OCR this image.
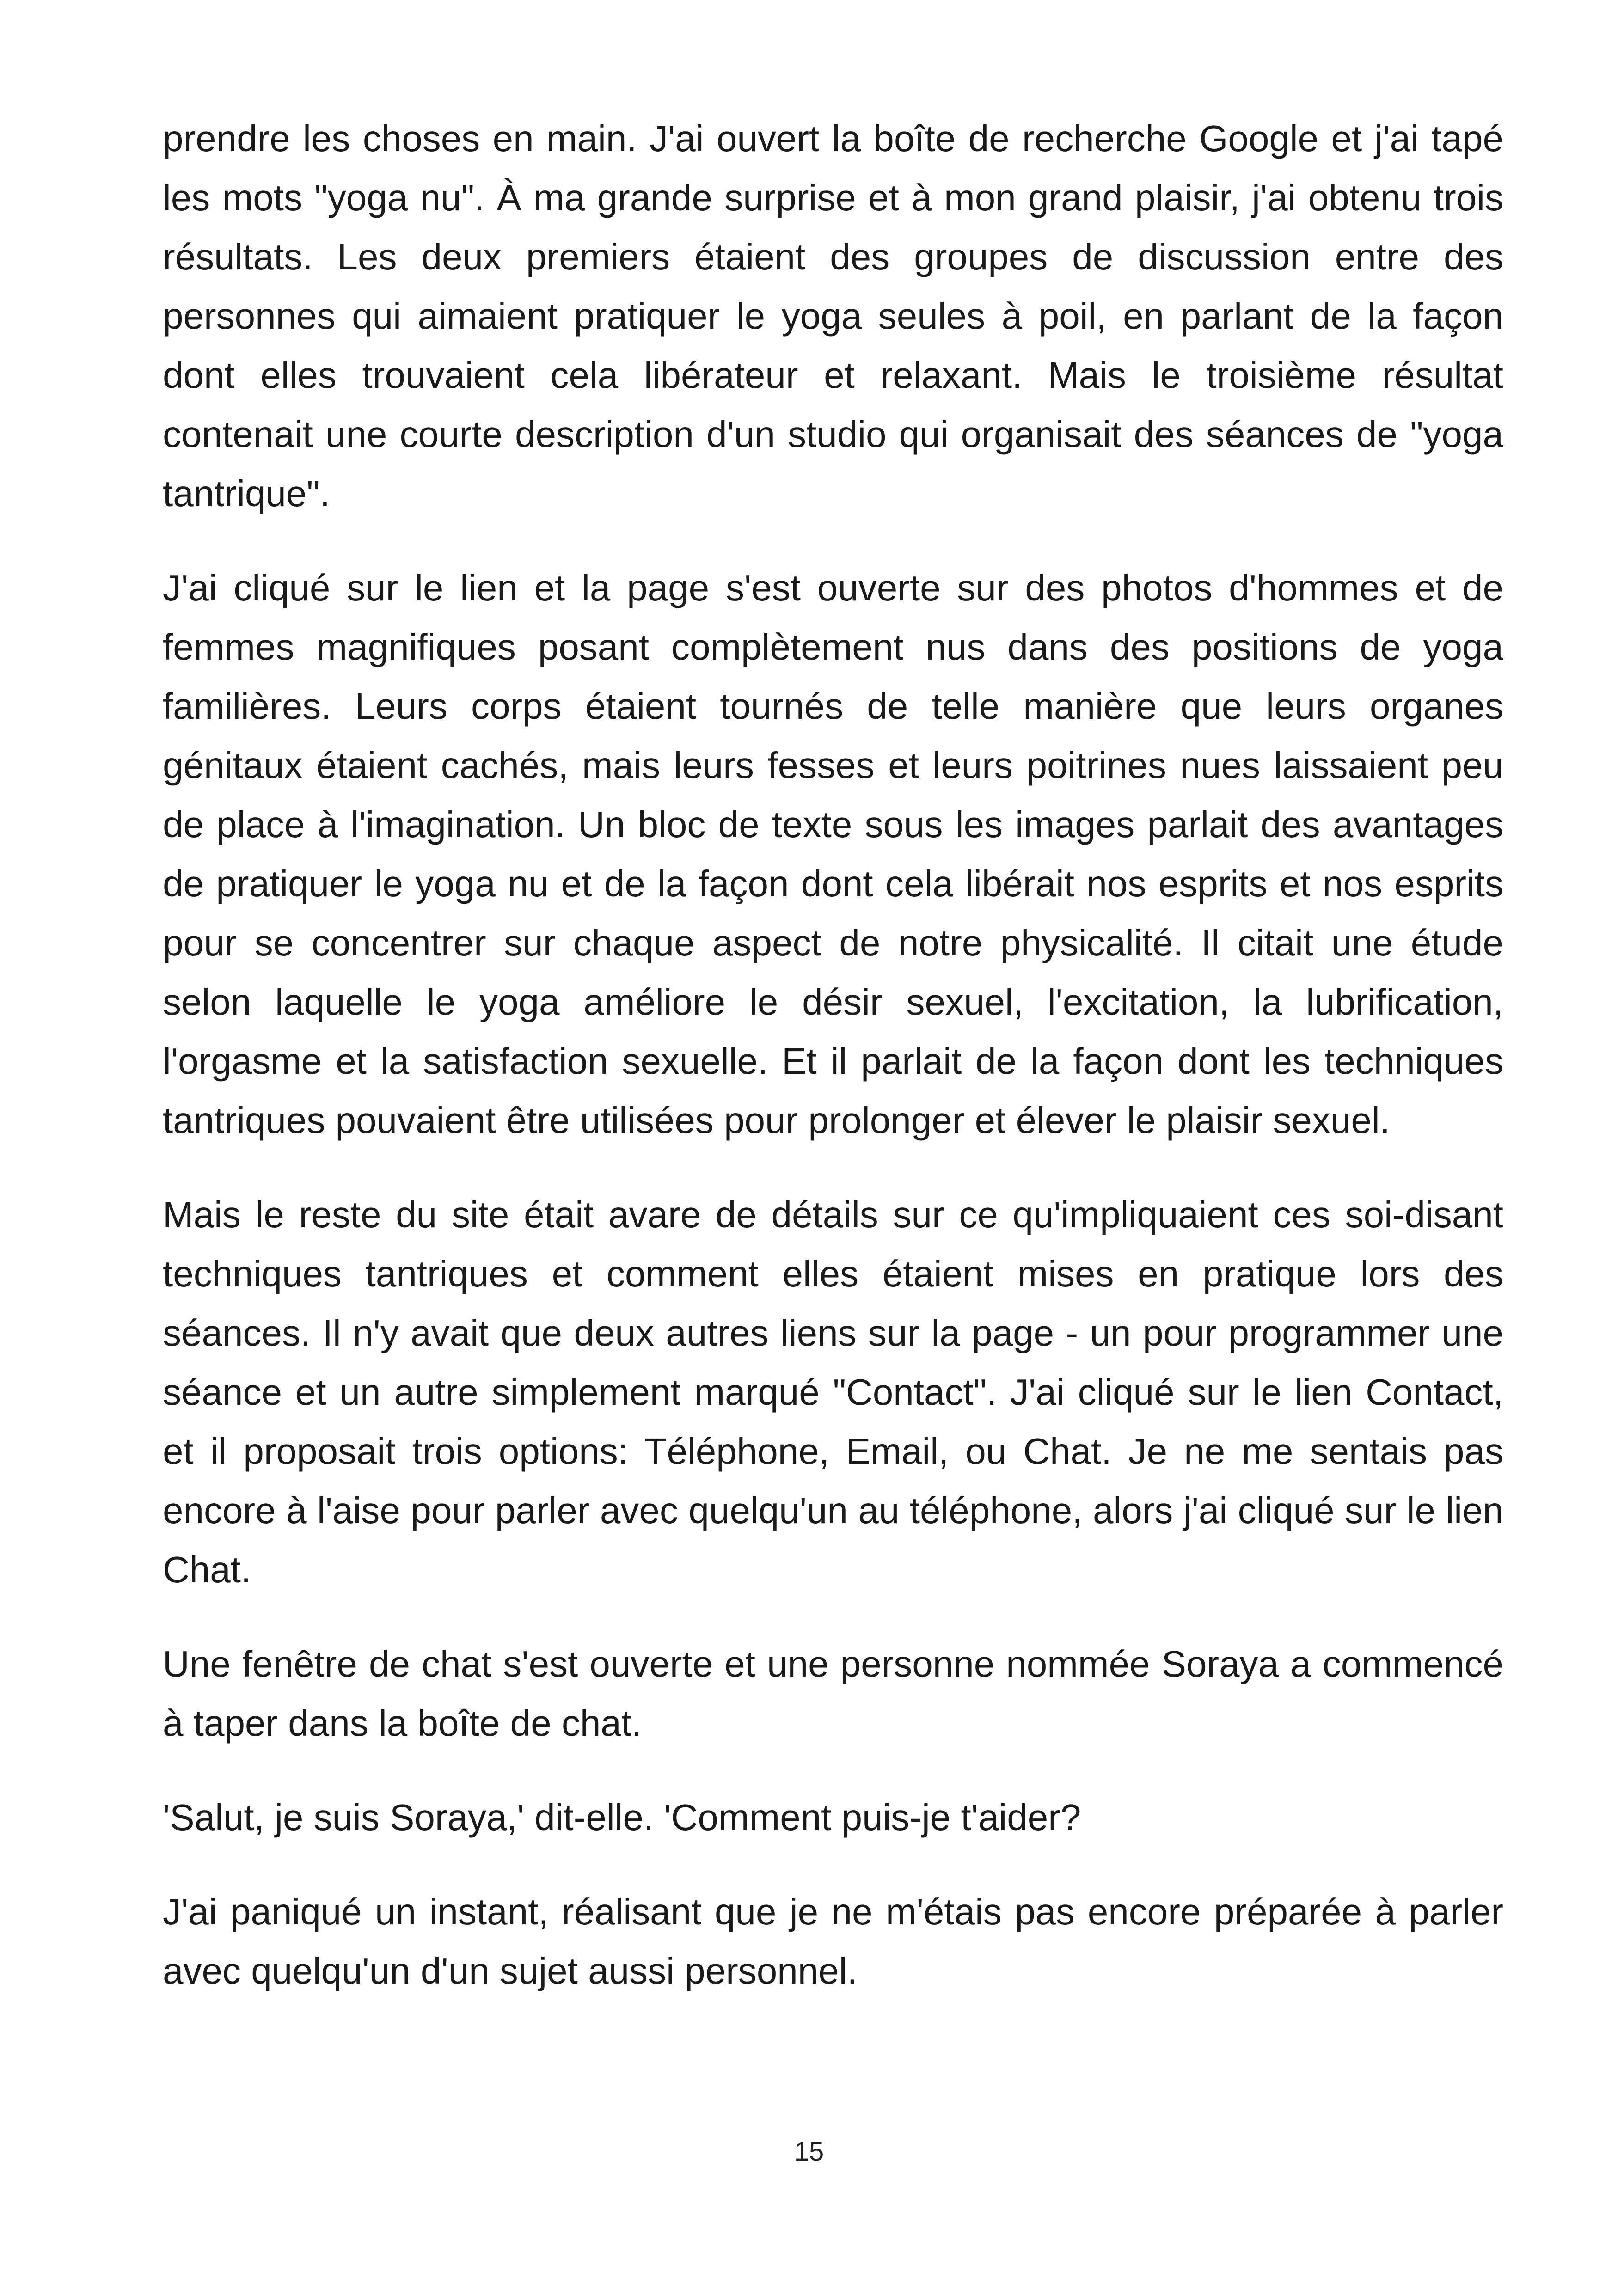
prendre les choses en main. J'ai ouvert la boîte de recherche Google et j'ai tapé les mots "yoga nu". À ma grande surprise et à mon grand plaisir, j'ai obtenu trois résultats. Les deux premiers étaient des groupes de discussion entre des personnes qui aimaient pratiquer le yoga seules à poil, en parlant de la façon dont elles trouvaient cela libérateur et relaxant. Mais le troisième résultat contenait une courte description d'un studio qui organisait des séances de "yoga tantrique".

J'ai cliqué sur le lien et la page s'est ouverte sur des photos d'hommes et de femmes magnifiques posant complètement nus dans des positions de yoga familières. Leurs corps étaient tournés de telle manière que leurs organes génitaux étaient cachés, mais leurs fesses et leurs poitrines nues laissaient peu de place à l'imagination. Un bloc de texte sous les images parlait des avantages de pratiquer le yoga nu et de la façon dont cela libérait nos esprits et nos esprits pour se concentrer sur chaque aspect de notre physicalité. Il citait une étude selon laquelle le yoga améliore le désir sexuel, l'excitation, la lubrification, l'orgasme et la satisfaction sexuelle. Et il parlait de la façon dont les techniques tantriques pouvaient être utilisées pour prolonger et élever le plaisir sexuel.

Mais le reste du site était avare de détails sur ce qu'impliquaient ces soi-disant techniques tantriques et comment elles étaient mises en pratique lors des séances. Il n'y avait que deux autres liens sur la page - un pour programmer une séance et un autre simplement marqué "Contact". J'ai cliqué sur le lien Contact, et il proposait trois options: Téléphone, Email, ou Chat. Je ne me sentais pas encore à l'aise pour parler avec quelqu'un au téléphone, alors j'ai cliqué sur le lien Chat.

Une fenêtre de chat s'est ouverte et une personne nommée Soraya a commencé à taper dans la boîte de chat.

'Salut, je suis Soraya,' dit-elle. 'Comment puis-je t'aider?

J'ai paniqué un instant, réalisant que je ne m'étais pas encore préparée à parler avec quelqu'un d'un sujet aussi personnel.

15
